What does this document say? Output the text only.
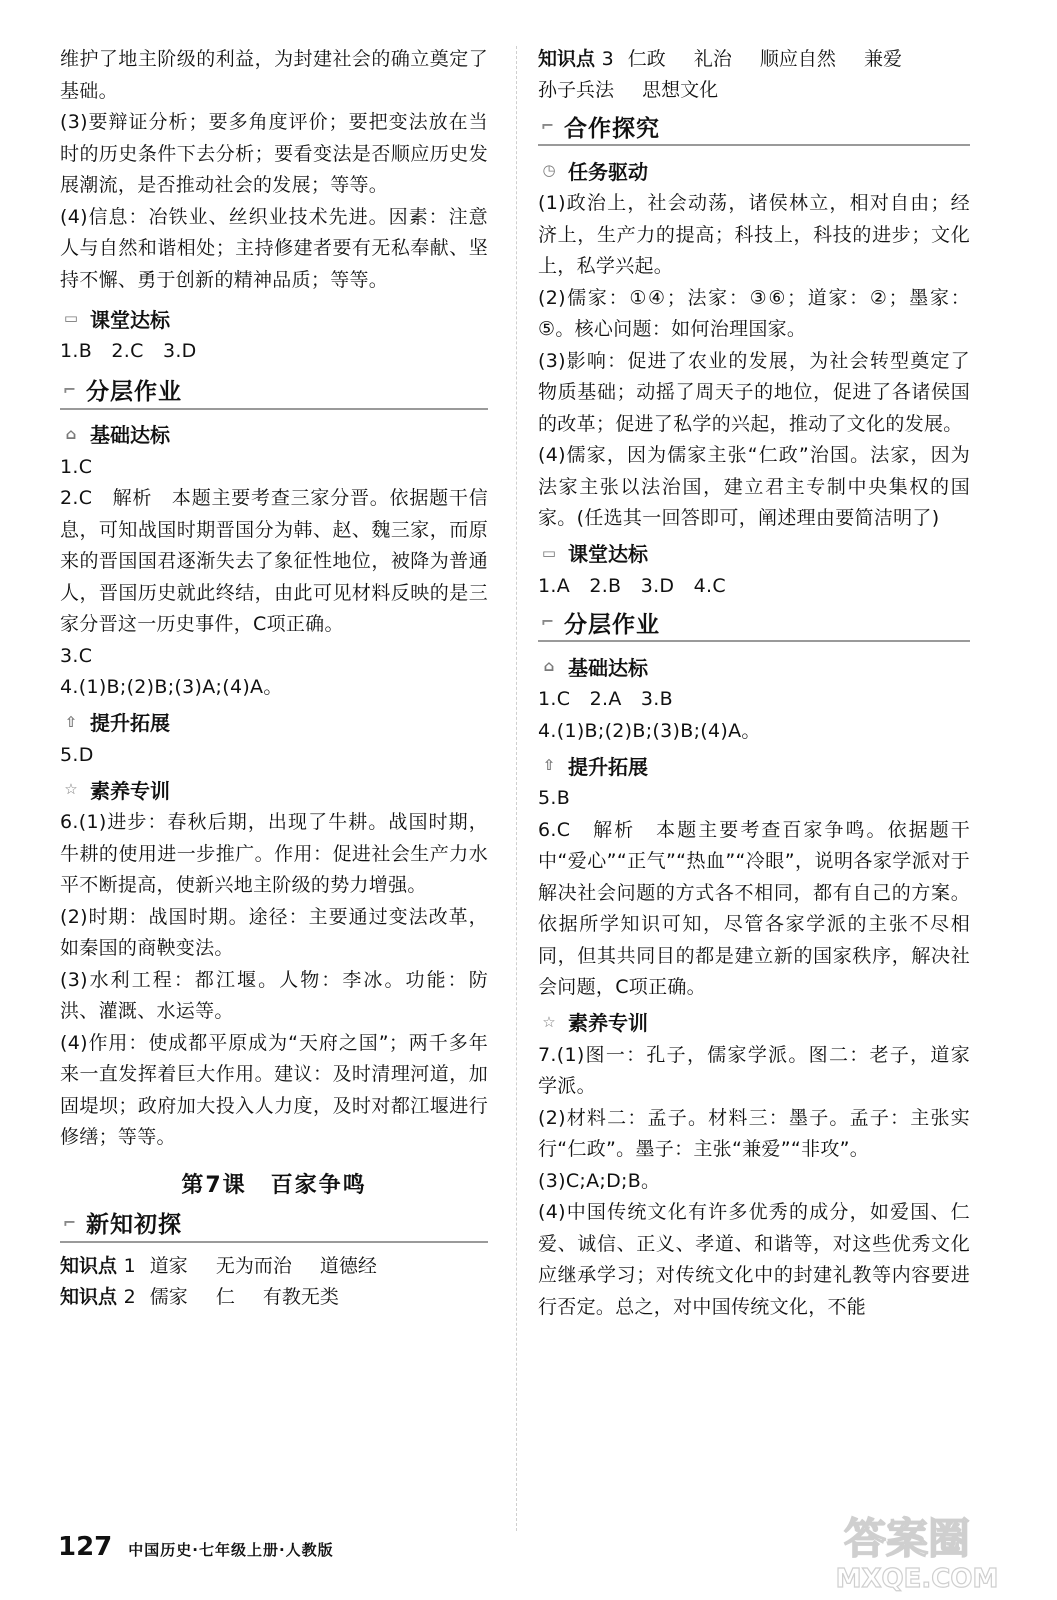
维护了地主阶级的利益，为封建社会的确立奠定了基础。

(3)要辩证分析；要多角度评价；要把变法放在当时的历史条件下去分析；要看变法是否顺应历史发展潮流，是否推动社会的发展；等等。

(4)信息：冶铁业、丝织业技术先进。因素：注意人与自然和谐相处；主持修建者要有无私奉献、坚持不懈、勇于创新的精神品质；等等。

▭ 课堂达标

1.B　2.C　3.D

⌐ 分层作业
⌂ 基础达标

1.C

2.C　解析　本题主要考查三家分晋。依据题干信息，可知战国时期晋国分为韩、赵、魏三家，而原来的晋国国君逐渐失去了象征性地位，被降为普通人，晋国历史就此终结，由此可见材料反映的是三家分晋这一历史事件，C项正确。

3.C

4.(1)B;(2)B;(3)A;(4)A。

⇧ 提升拓展

5.D

☆ 素养专训

6.(1)进步：春秋后期，出现了牛耕。战国时期，牛耕的使用进一步推广。作用：促进社会生产力水平不断提高，使新兴地主阶级的势力增强。

(2)时期：战国时期。途径：主要通过变法改革，如秦国的商鞅变法。

(3)水利工程：都江堰。人物：李冰。功能：防洪、灌溉、水运等。

(4)作用：使成都平原成为“天府之国”；两千多年来一直发挥着巨大作用。建议：及时清理河道，加固堤坝；政府加大投入人力度，及时对都江堰进行修缮；等等。

第7课　百家争鸣
⌐ 新知初探

知识点 1 道家 无为而治 道德经

知识点 2 儒家 仁 有教无类

知识点 3 仁政 礼治 顺应自然 兼爱

孙子兵法 思想文化

⌐ 合作探究
◷ 任务驱动

(1)政治上，社会动荡，诸侯林立，相对自由；经济上，生产力的提高；科技上，科技的进步；文化上，私学兴起。

(2)儒家：①④；法家：③⑥；道家：②；墨家：⑤。核心问题：如何治理国家。

(3)影响：促进了农业的发展，为社会转型奠定了物质基础；动摇了周天子的地位，促进了各诸侯国的改革；促进了私学的兴起，推动了文化的发展。

(4)儒家，因为儒家主张“仁政”治国。法家，因为法家主张以法治国，建立君主专制中央集权的国家。(任选其一回答即可，阐述理由要简洁明了)

▭ 课堂达标

1.A　2.B　3.D　4.C

⌐ 分层作业
⌂ 基础达标

1.C　2.A　3.B

4.(1)B;(2)B;(3)B;(4)A。

⇧ 提升拓展

5.B

6.C　解析　本题主要考查百家争鸣。依据题干中“爱心”“正气”“热血”“冷眼”，说明各家学派对于解决社会问题的方式各不相同，都有自己的方案。依据所学知识可知，尽管各家学派的主张不尽相同，但其共同目的都是建立新的国家秩序，解决社会问题，C项正确。

☆ 素养专训

7.(1)图一：孔子，儒家学派。图二：老子，道家学派。

(2)材料二：孟子。材料三：墨子。孟子：主张实行“仁政”。墨子：主张“兼爱”“非攻”。

(3)C;A;D;B。

(4)中国传统文化有许多优秀的成分，如爱国、仁爱、诚信、正义、孝道、和谐等，对这些优秀文化应继承学习；对传统文化中的封建礼教等内容要进行否定。总之，对中国传统文化，不能

127 中国历史·七年级上册·人教版	答案圈
MXQE.COM
